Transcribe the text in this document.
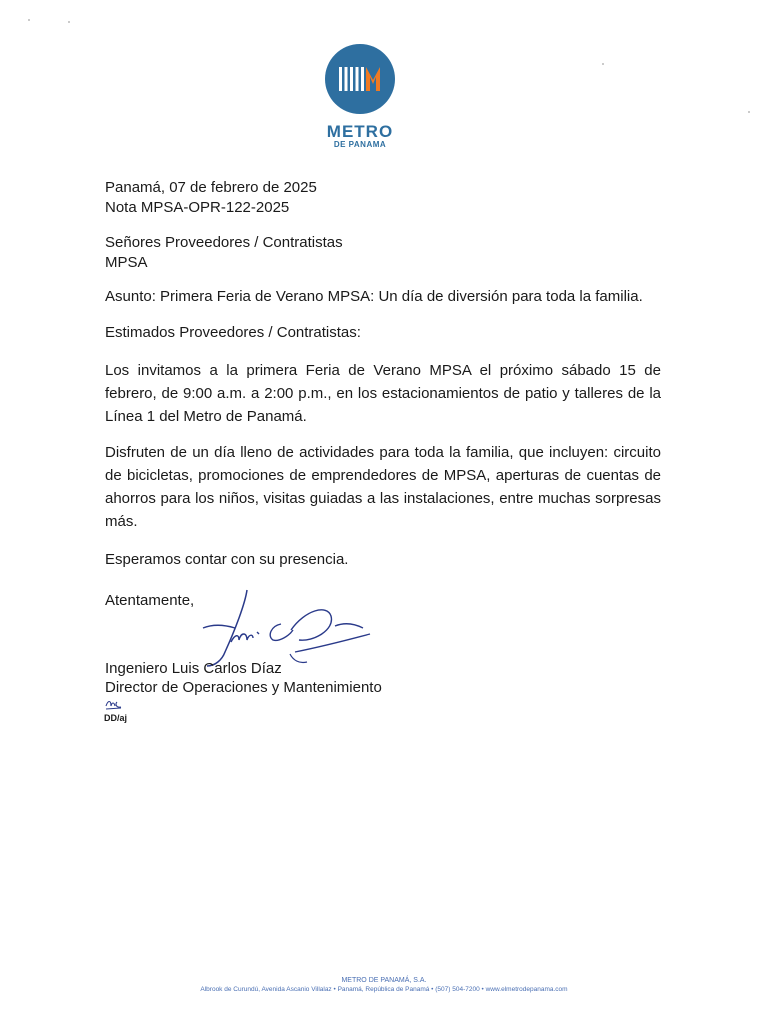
METRO
DE PANAMA
Panamá, 07 de febrero de 2025
Nota MPSA-OPR-122-2025
Señores Proveedores / Contratistas
MPSA
Asunto: Primera Feria de Verano MPSA: Un día de diversión para toda la familia.
Estimados Proveedores / Contratistas:
Los invitamos a la primera Feria de Verano MPSA el próximo sábado 15 de febrero, de 9:00 a.m. a 2:00 p.m., en los estacionamientos de patio y talleres de la Línea 1 del Metro de Panamá.
Disfruten de un día lleno de actividades para toda la familia, que incluyen: circuito de bicicletas, promociones de emprendedores de MPSA, aperturas de cuentas de ahorros para los niños, visitas guiadas a las instalaciones, entre muchas sorpresas más.
Esperamos contar con su presencia.
Atentamente,
Ingeniero Luis Carlos Díaz
Director de Operaciones y Mantenimiento
DD/aj
METRO DE PANAMÁ, S.A.
Albrook de Curundú, Avenida Ascanio Villalaz • Panamá, República de Panamá • (507) 504-7200 • www.elmetrodepanama.com
